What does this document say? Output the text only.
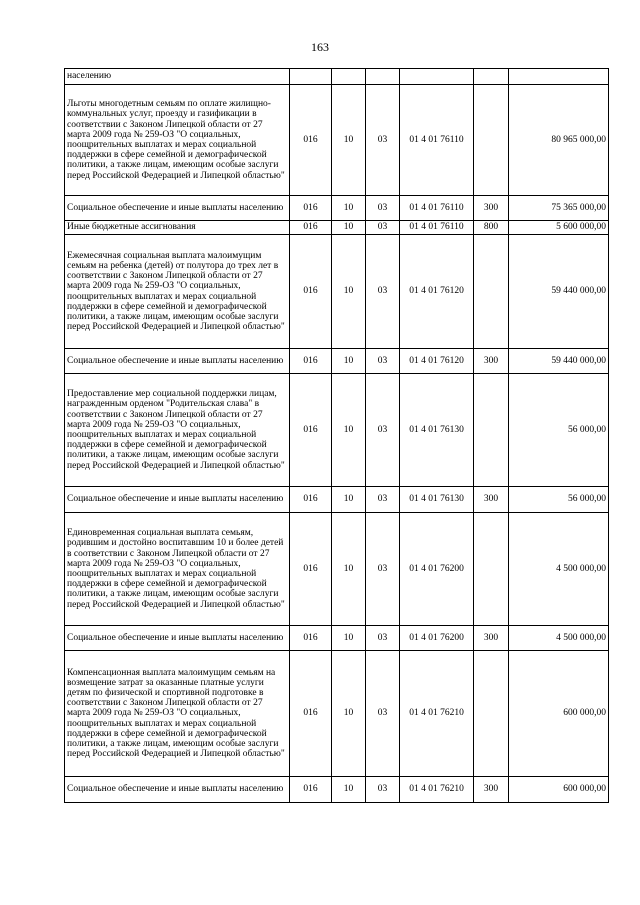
163
населению						
Льготы многодетным семьям по оплате жилищно-коммунальных услуг, проезду и газификации в соответствии с Законом Липецкой области от 27 марта 2009 года № 259-ОЗ "О социальных, поощрительных выплатах и мерах социальной поддержки в сфере семейной и демографической политики, а также лицам, имеющим особые заслуги перед Российской Федерацией и Липецкой областью"	016	10	03	01 4 01 76110		80 965 000,00
Социальное обеспечение и иные выплаты населению	016	10	03	01 4 01 76110	300	75 365 000,00
Иные бюджетные ассигнования	016	10	03	01 4 01 76110	800	5 600 000,00
Ежемесячная социальная выплата малоимущим семьям на ребенка (детей) от полутора до трех лет в соответствии с Законом Липецкой области от 27 марта 2009 года № 259-ОЗ "О социальных, поощрительных выплатах и мерах социальной поддержки в сфере семейной и демографической политики, а также лицам, имеющим особые заслуги перед Российской Федерацией и Липецкой областью"	016	10	03	01 4 01 76120		59 440 000,00
Социальное обеспечение и иные выплаты населению	016	10	03	01 4 01 76120	300	59 440 000,00
Предоставление мер социальной поддержки лицам, награжденным орденом "Родительская слава" в соответствии с Законом Липецкой области от 27 марта 2009 года № 259-ОЗ "О социальных, поощрительных выплатах и мерах социальной поддержки в сфере семейной и демографической политики, а также лицам, имеющим особые заслуги перед Российской Федерацией и Липецкой областью"	016	10	03	01 4 01 76130		56 000,00
Социальное обеспечение и иные выплаты населению	016	10	03	01 4 01 76130	300	56 000,00
Единовременная социальная выплата семьям, родившим и достойно воспитавшим 10 и более детей в соответствии с Законом Липецкой области от 27 марта 2009 года № 259-ОЗ "О социальных, поощрительных выплатах и мерах социальной поддержки в сфере семейной и демографической политики, а также лицам, имеющим особые заслуги перед Российской Федерацией и Липецкой областью"	016	10	03	01 4 01 76200		4 500 000,00
Социальное обеспечение и иные выплаты населению	016	10	03	01 4 01 76200	300	4 500 000,00
Компенсационная выплата малоимущим семьям на возмещение затрат за оказанные платные услуги детям по физической и спортивной подготовке в соответствии с Законом Липецкой области от 27 марта 2009 года № 259-ОЗ "О социальных, поощрительных выплатах и мерах социальной поддержки в сфере семейной и демографической политики, а также лицам, имеющим особые заслуги перед Российской Федерацией и Липецкой областью"	016	10	03	01 4 01 76210		600 000,00
Социальное обеспечение и иные выплаты населению	016	10	03	01 4 01 76210	300	600 000,00
